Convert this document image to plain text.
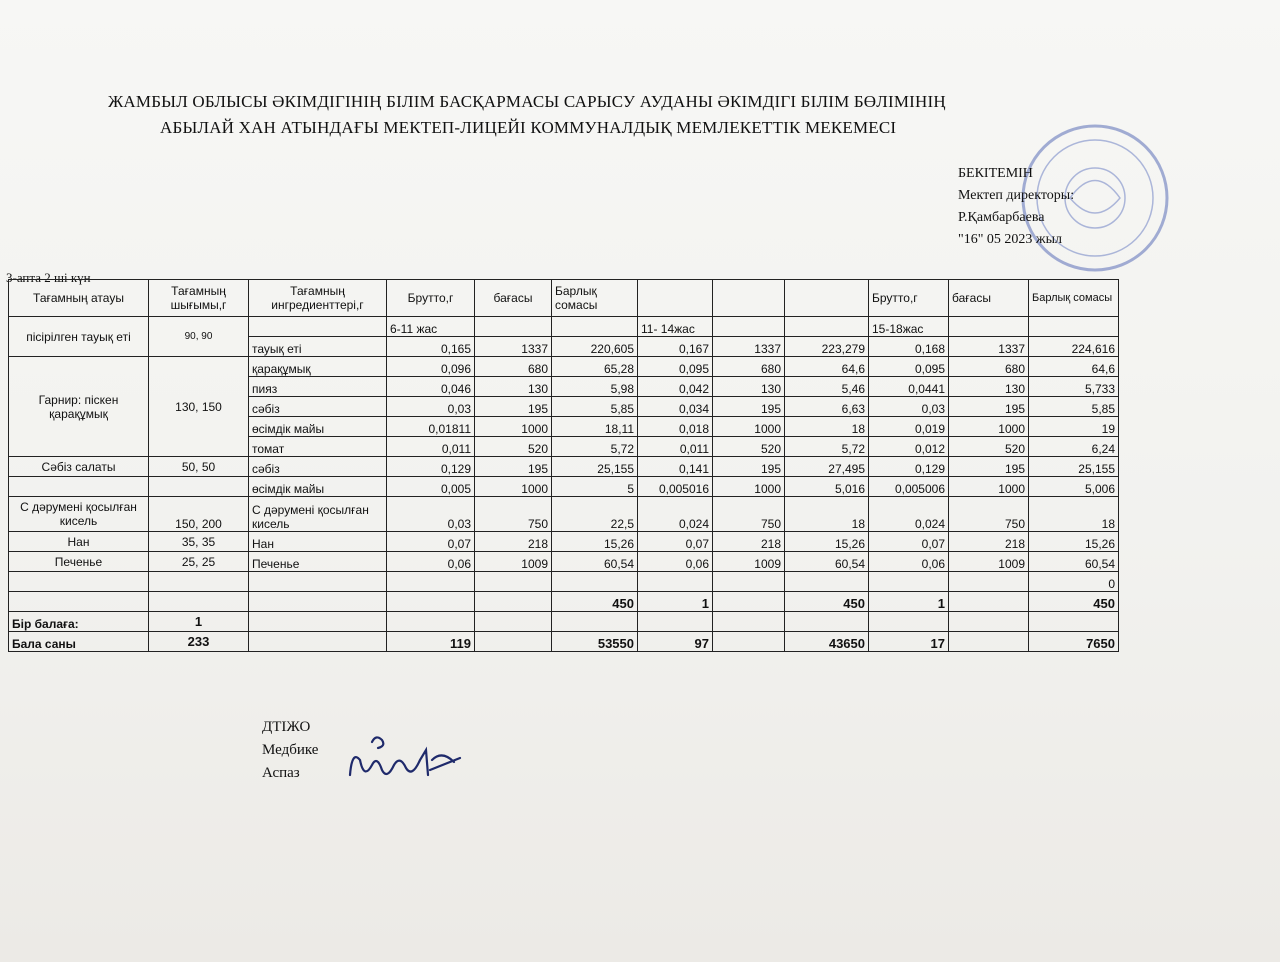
ЖАМБЫЛ ОБЛЫСЫ ӘКІМДІГІНІҢ БІЛІМ БАСҚАРМАСЫ САРЫСУ АУДАНЫ ӘКІМДІГІ БІЛІМ БӨЛІМІНІҢ
АБЫЛАЙ ХАН АТЫНДАҒЫ МЕКТЕП-ЛИЦЕЙІ КОММУНАЛДЫҚ МЕМЛЕКЕТТІК МЕКЕМЕСІ
БЕКІТЕМІН
Мектеп директоры:
Р.Қамбарбаева
"16" 05 2023 жыл
3-апта 2 ші күн
Тағамның атауы	Тағамның шығымы,г	Тағамның ингредиенттері,г	Брутто,г	бағасы	Барлық сомасы				Брутто,г	бағасы	Барлық сомасы
пісірілген тауық еті	90, 90		6-11 жас			11- 14жас			15-18жас		
		тауық еті	0,165	1337	220,605	0,167	1337	223,279	0,168	1337	224,616
Гарнир: піскен қарақұмық	130, 150	қарақұмық	0,096	680	65,28	0,095	680	64,6	0,095	680	64,6
		пияз	0,046	130	5,98	0,042	130	5,46	0,0441	130	5,733
		сәбіз	0,03	195	5,85	0,034	195	6,63	0,03	195	5,85
		өсімдік майы	0,01811	1000	18,11	0,018	1000	18	0,019	1000	19
		томат	0,011	520	5,72	0,011	520	5,72	0,012	520	6,24
Сәбіз салаты	50, 50	сәбіз	0,129	195	25,155	0,141	195	27,495	0,129	195	25,155
		өсімдік майы	0,005	1000	5	0,005016	1000	5,016	0,005006	1000	5,006
С дәрумені қосылған кисель	150, 200	С дәрумені қосылған кисель	0,03	750	22,5	0,024	750	18	0,024	750	18
Нан	35, 35	Нан	0,07	218	15,26	0,07	218	15,26	0,07	218	15,26
Печенье	25, 25	Печенье	0,06	1009	60,54	0,06	1009	60,54	0,06	1009	60,54
											0
					450	1		450	1		450
Бір балаға:	1										
Бала саны	233		119		53550	97		43650	17		7650
ДТІЖО
Медбике
Аспаз
